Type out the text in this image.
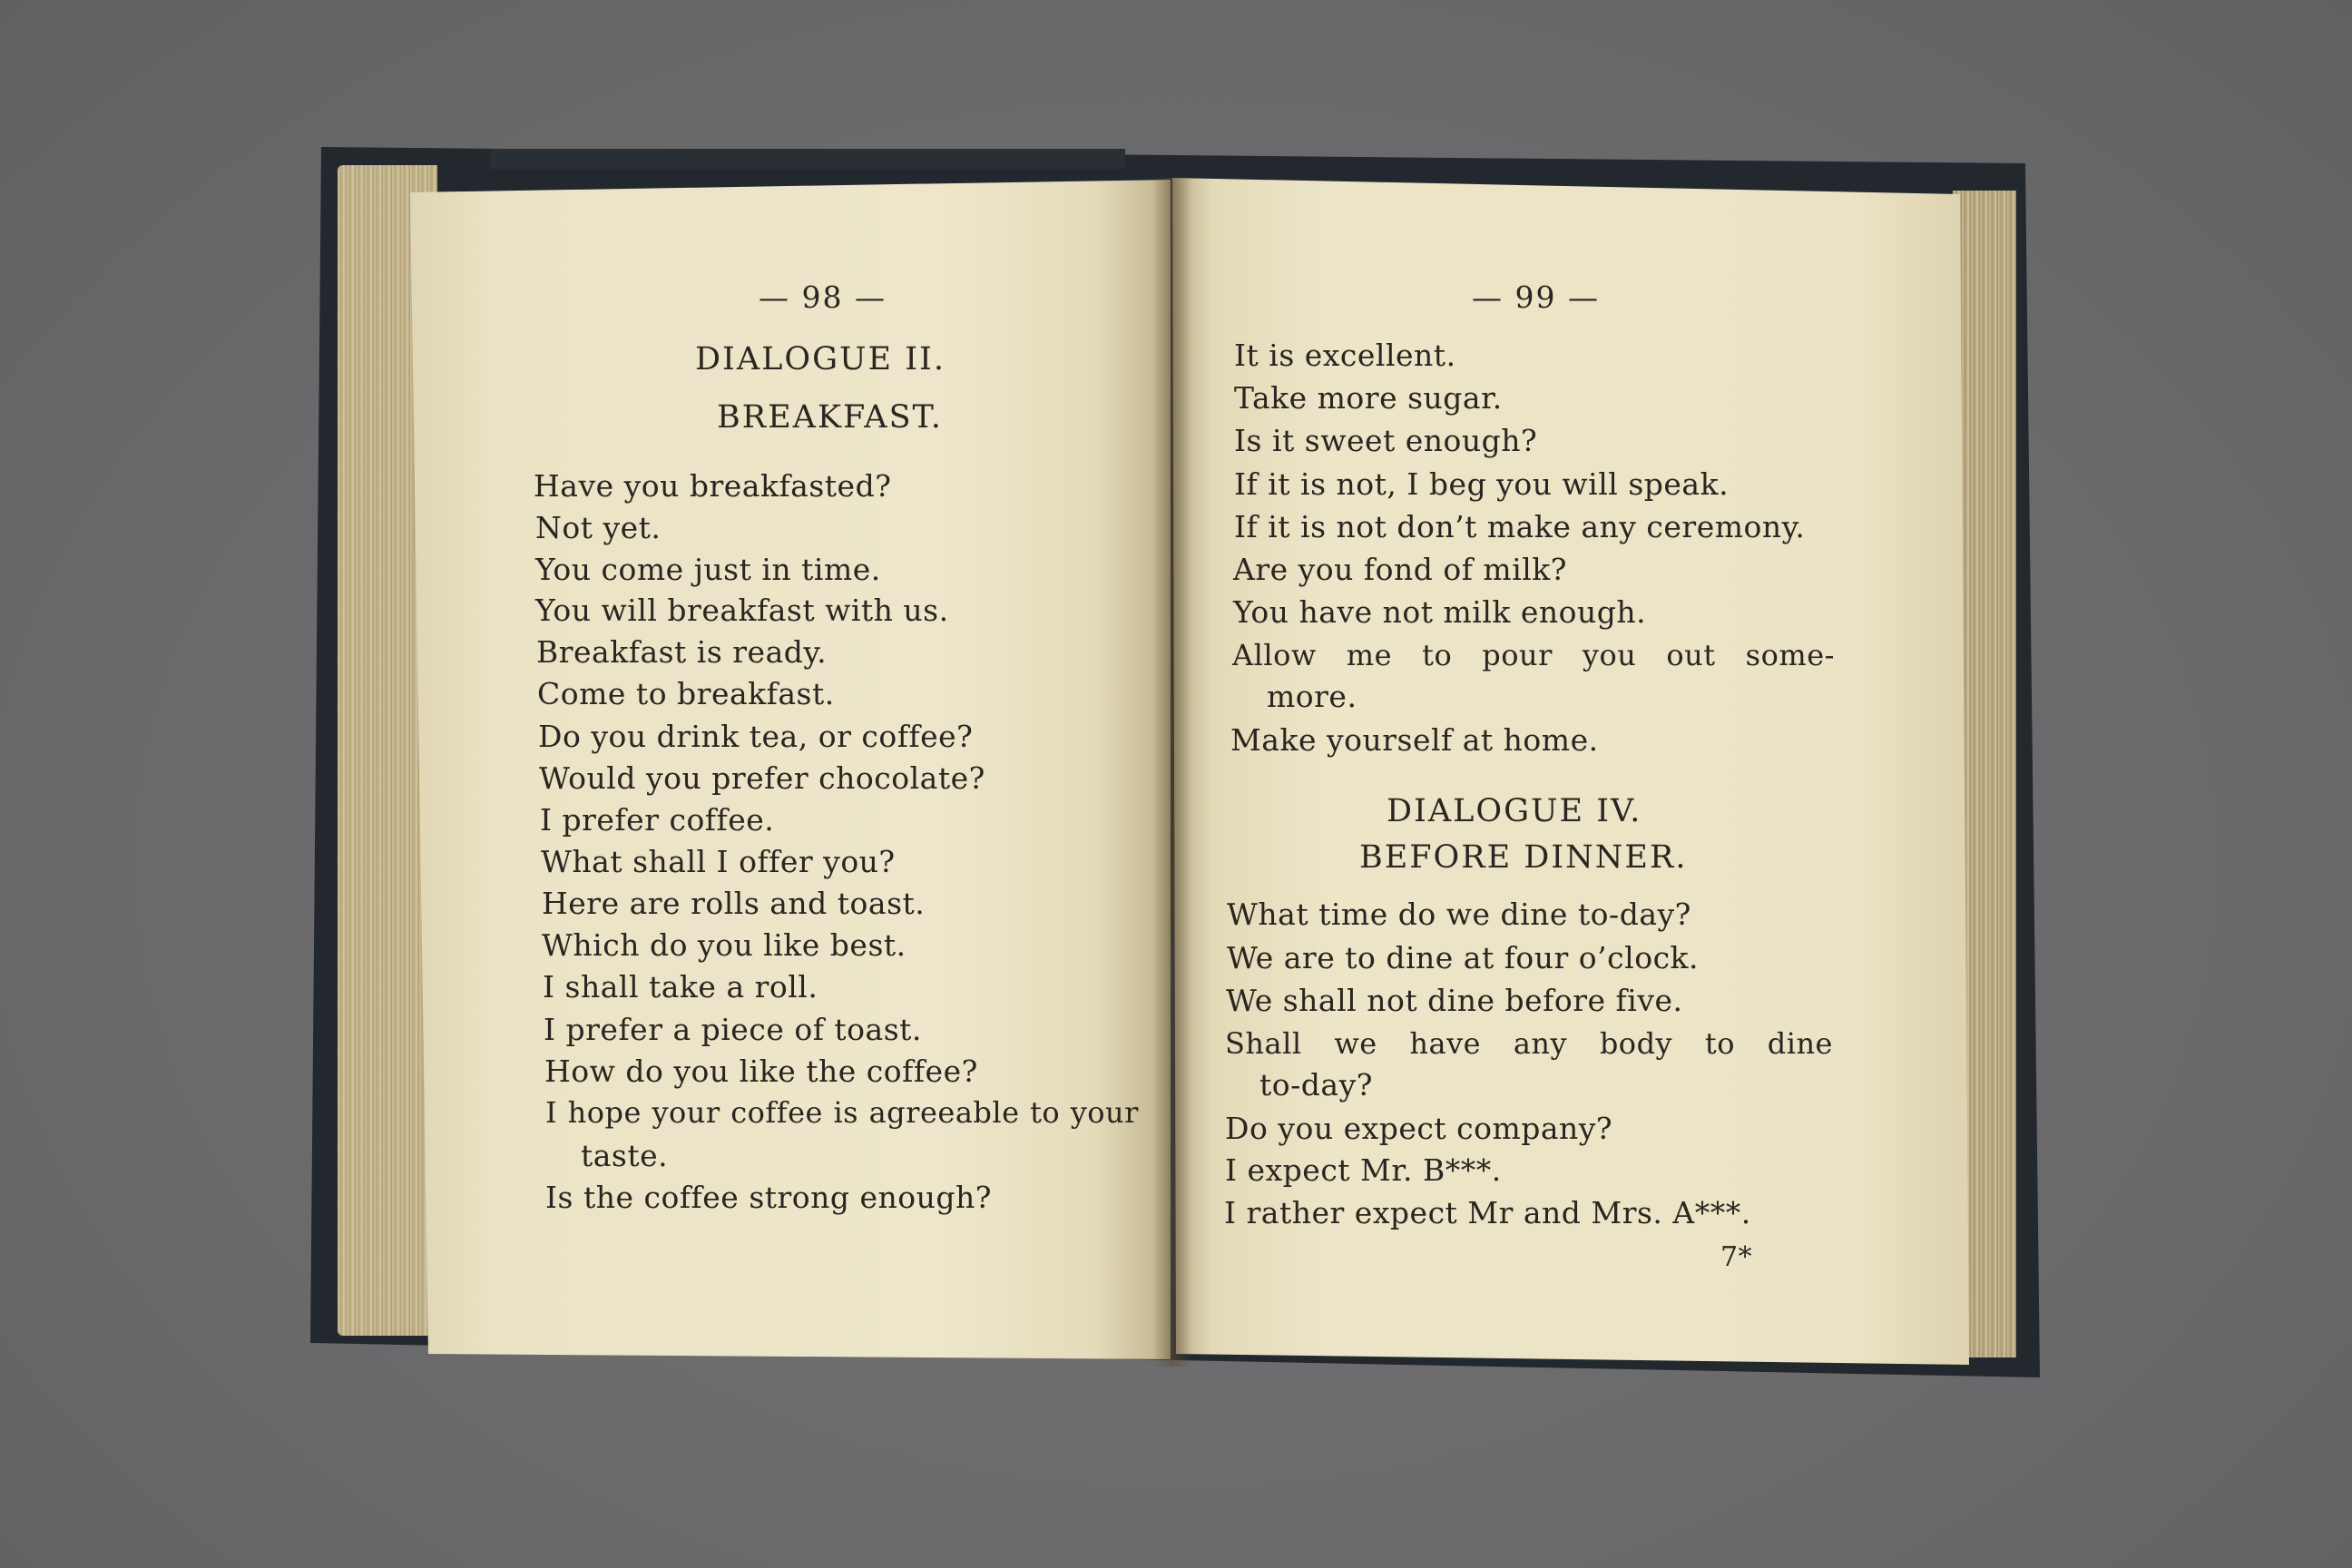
— 98 —
DIALOGUE II.
BREAKFAST.
Have you breakfasted?
Not yet.
You come just in time.
You will breakfast with us.
Breakfast is ready.
Come to breakfast.
Do you drink tea, or coffee?
Would you prefer chocolate?
I prefer coffee.
What shall I offer you?
Here are rolls and toast.
Which do you like best.
I shall take a roll.
I prefer a piece of toast.
How do you like the coffee?
I hope your coffee is agreeable to your
taste.
Is the coffee strong enough?
— 99 —
It is excellent.
Take more sugar.
Is it sweet enough?
If it is not, I beg you will speak.
If it is not don’t make any ceremony.
Are you fond of milk?
You have not milk enough.
Allow me to pour you out some-
more.
Make yourself at home.
DIALOGUE IV.
BEFORE DINNER.
What time do we dine to-day?
We are to dine at four o’clock.
We shall not dine before five.
Shall we have any body to dine
to-day?
Do you expect company?
I expect Mr. B***.
I rather expect Mr and Mrs. A***.
7*
